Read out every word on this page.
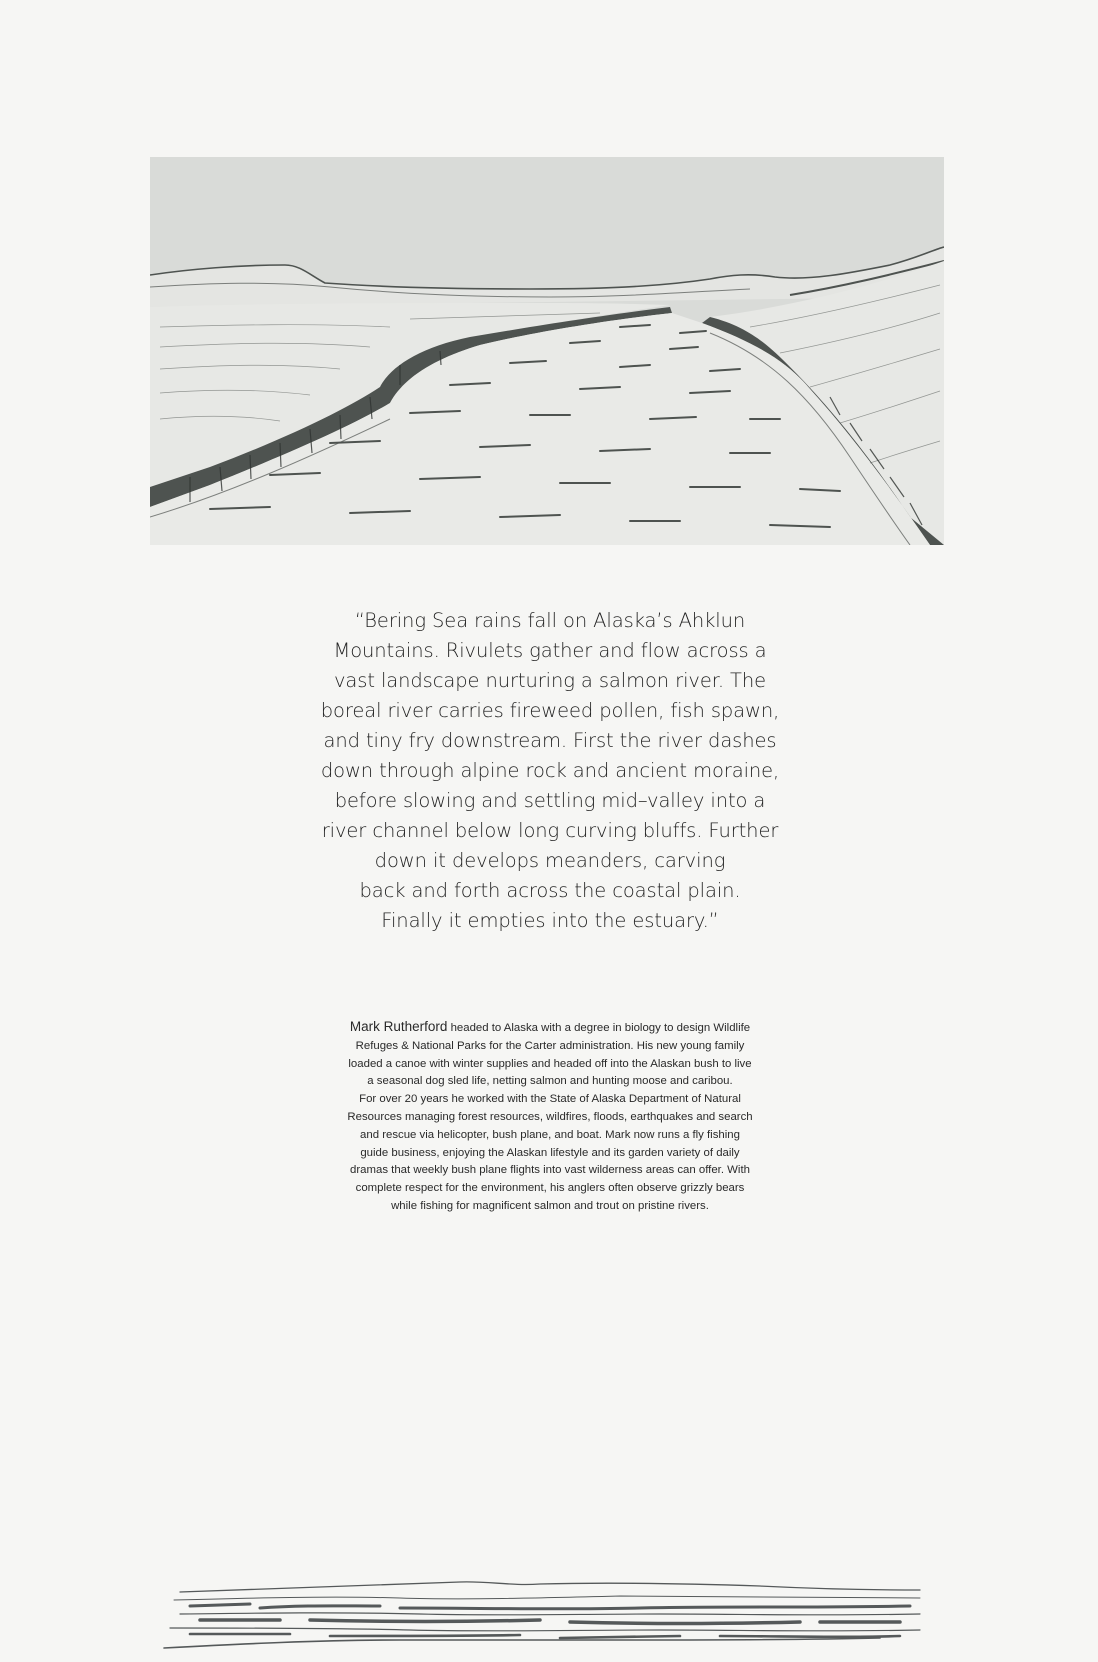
“Bering Sea rains fall on Alaska’s Ahklun
Mountains. Rivulets gather and flow across a
vast landscape nurturing a salmon river. The
boreal river carries fireweed pollen, fish spawn,
and tiny fry downstream. First the river dashes
down through alpine rock and ancient moraine,
before slowing and settling mid–valley into a
river channel below long curving bluffs. Further
down it develops meanders, carving
back and forth across the coastal plain.
Finally it empties into the estuary.”

Mark Rutherford headed to Alaska with a degree in biology to design Wildlife
Refuges & National Parks for the Carter administration. His new young family
loaded a canoe with winter supplies and headed off into the Alaskan bush to live
a seasonal dog sled life, netting salmon and hunting moose and caribou.
For over 20 years he worked with the State of Alaska Department of Natural
Resources managing forest resources, wildfires, floods, earthquakes and search
and rescue via helicopter, bush plane, and boat. Mark now runs a fly fishing
guide business, enjoying the Alaskan lifestyle and its garden variety of daily
dramas that weekly bush plane flights into vast wilderness areas can offer. With
complete respect for the environment, his anglers often observe grizzly bears
while fishing for magnificent salmon and trout on pristine rivers.
